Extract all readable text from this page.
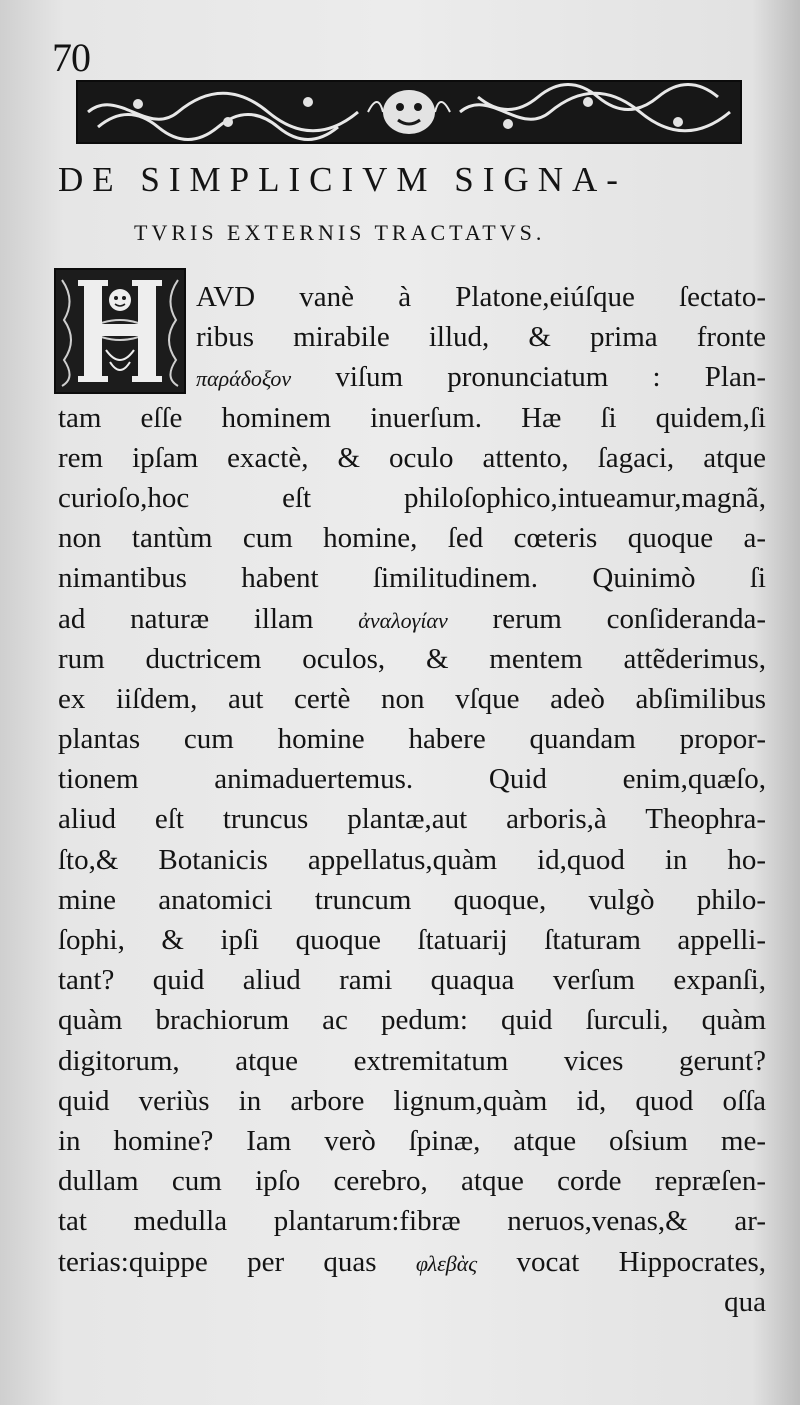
70
DE SIMPLICIVM SIGNA-
TVRIS EXTERNIS TRACTATVS.
AVD vanè à Platone,eiúſque ſectato-
ribus mirabile illud, & prima fronte
παράδοξον viſum pronunciatum : Plan-
tam eſſe hominem inuerſum. Hæ ſi quidem,ſi
rem ipſam exactè, & oculo attento, ſagaci, atque
curioſo,hoc eſt philoſophico,intueamur,magnã,
non tantùm cum homine, ſed cœteris quoque a-
nimantibus habent ſimilitudinem. Quinimò ſi
ad naturæ illam ἀναλογίαν rerum conſideranda-
rum ductricem oculos, & mentem attẽderimus,
ex iiſdem, aut certè non vſque adeò abſimilibus
plantas cum homine habere quandam propor-
tionem animaduertemus. Quid enim,quæſo,
aliud eſt truncus plantæ,aut arboris,à Theophra-
ſto,& Botanicis appellatus,quàm id,quod in ho-
mine anatomici truncum quoque, vulgò philo-
ſophi, & ipſi quoque ſtatuarij ſtaturam appelli-
tant? quid aliud rami quaqua verſum expanſi,
quàm brachiorum ac pedum: quid ſurculi, quàm
digitorum, atque extremitatum vices gerunt?
quid veriùs in arbore lignum,quàm id, quod oſſa
in homine? Iam verò ſpinæ, atque oſsium me-
dullam cum ipſo cerebro, atque corde repræſen-
tat medulla plantarum:fibræ neruos,venas,& ar-
terias:quippe per quas φλεβὰς vocat Hippocrates,
qua
